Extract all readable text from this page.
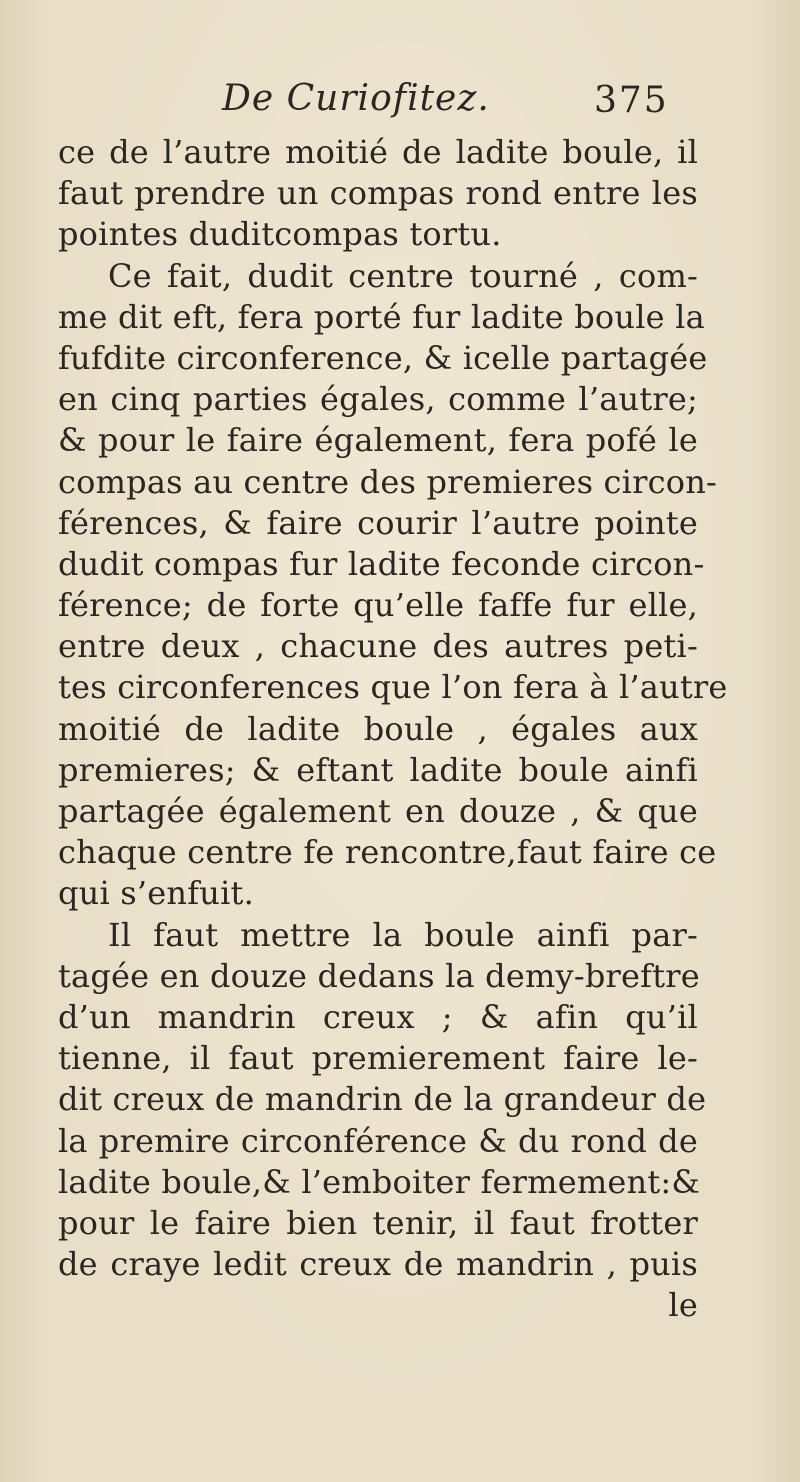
De Curiofitez.	375
ce de l’autre moitié de ladite boule, il
faut prendre un compas rond entre les
pointes duditcompas tortu.
Ce fait, dudit centre tourné , com-
me dit eft, fera porté fur ladite boule la
fufdite circonference, & icelle partagée
en cinq parties égales, comme l’autre;
& pour le faire également, fera pofé le
compas au centre des premieres circon-
férences, & faire courir l’autre pointe
dudit compas fur ladite feconde circon-
férence; de forte qu’elle faffe fur elle,
entre deux , chacune des autres peti-
tes circonferences que l’on fera à l’autre
moitié de ladite boule , égales aux
premieres; & eftant ladite boule ainfi
partagée également en douze , & que
chaque centre fe rencontre,faut faire ce
qui s’enfuit.
Il faut mettre la boule ainfi par-
tagée en douze dedans la demy-breftre
d’un mandrin creux ; & afin qu’il
tienne, il faut premierement faire le-
dit creux de mandrin de la grandeur de
la premire circonférence & du rond de
ladite boule,& l’emboiter fermement:&
pour le faire bien tenir, il faut frotter
de craye ledit creux de mandrin , puis
le
